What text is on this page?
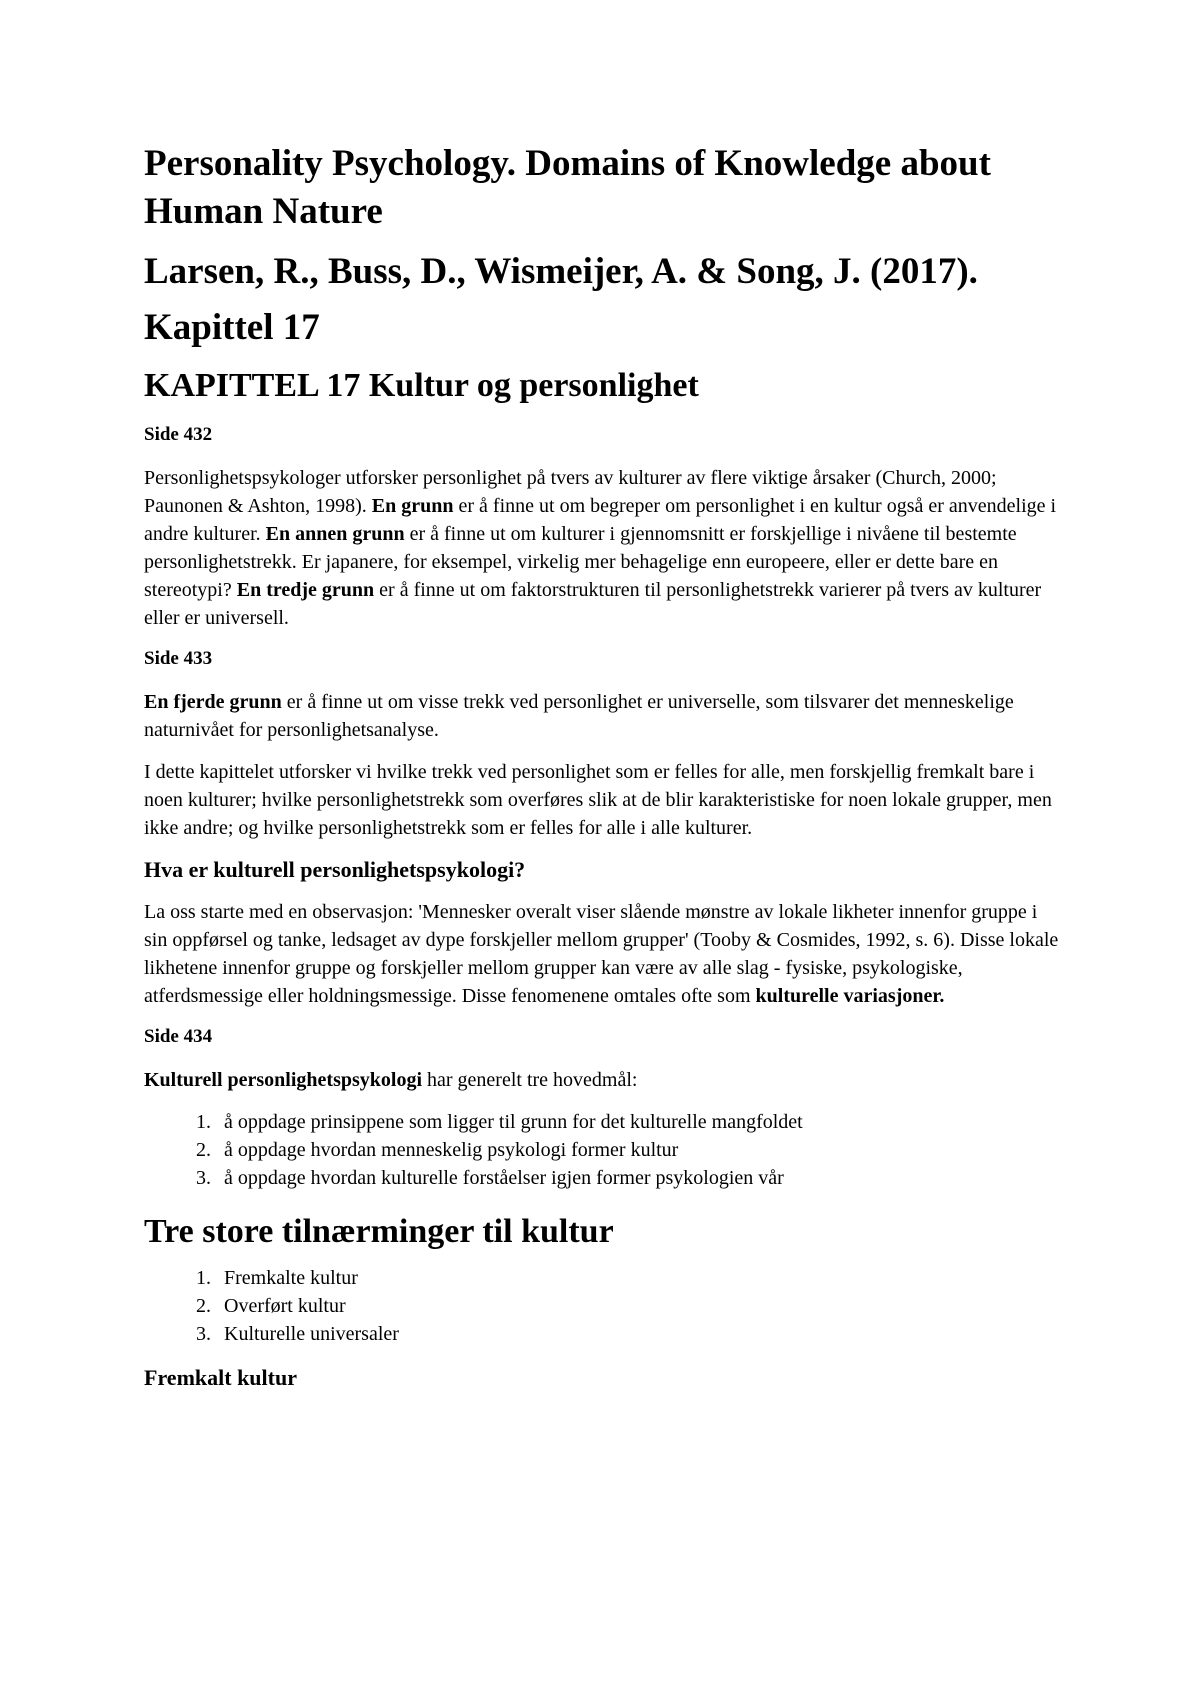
Personality Psychology. Domains of Knowledge about Human Nature
Larsen, R., Buss, D., Wismeijer, A. & Song, J. (2017).
Kapittel 17
KAPITTEL 17 Kultur og personlighet
Side 432

Personlighetspsykologer utforsker personlighet på tvers av kulturer av flere viktige årsaker (Church, 2000; Paunonen & Ashton, 1998). En grunn er å finne ut om begreper om personlighet i en kultur også er anvendelige i andre kulturer. En annen grunn er å finne ut om kulturer i gjennomsnitt er forskjellige i nivåene til bestemte personlighetstrekk. Er japanere, for eksempel, virkelig mer behagelige enn europeere, eller er dette bare en stereotypi? En tredje grunn er å finne ut om faktorstrukturen til personlighetstrekk varierer på tvers av kulturer eller er universell.

Side 433

En fjerde grunn er å finne ut om visse trekk ved personlighet er universelle, som tilsvarer det menneskelige naturnivået for personlighetsanalyse.

I dette kapittelet utforsker vi hvilke trekk ved personlighet som er felles for alle, men forskjellig fremkalt bare i noen kulturer; hvilke personlighetstrekk som overføres slik at de blir karakteristiske for noen lokale grupper, men ikke andre; og hvilke personlighetstrekk som er felles for alle i alle kulturer.

Hva er kulturell personlighetspsykologi?

La oss starte med en observasjon: 'Mennesker overalt viser slående mønstre av lokale likheter innenfor gruppe i sin oppførsel og tanke, ledsaget av dype forskjeller mellom grupper' (Tooby & Cosmides, 1992, s. 6). Disse lokale likhetene innenfor gruppe og forskjeller mellom grupper kan være av alle slag - fysiske, psykologiske, atferdsmessige eller holdningsmessige. Disse fenomenene omtales ofte som kulturelle variasjoner.

Side 434

Kulturell personlighetspsykologi har generelt tre hovedmål:

1. å oppdage prinsippene som ligger til grunn for det kulturelle mangfoldet
2. å oppdage hvordan menneskelig psykologi former kultur
3. å oppdage hvordan kulturelle forståelser igjen former psykologien vår
Tre store tilnærminger til kultur
1. Fremkalte kultur
2. Overført kultur
3. Kulturelle universaler
Fremkalt kultur
